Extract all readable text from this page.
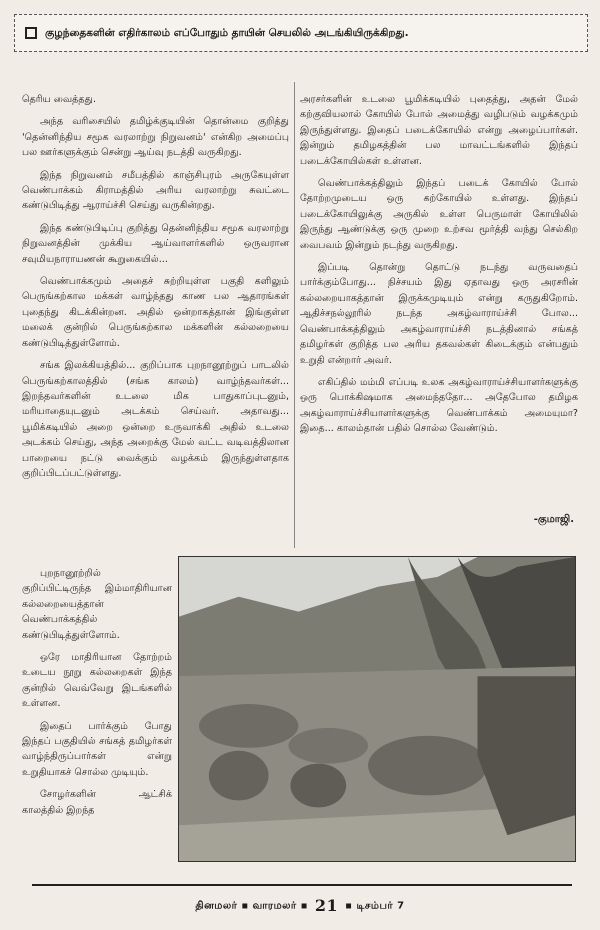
குழந்தைகளின் எதிர்காலம் எப்போதும் தாயின் செயலில் அடங்கியிருக்கிறது.

தெரிய வைத்தது.

அந்த வரிசையில் தமிழ்க்குடியின் தொன்மை குறித்து 'தென்னிந்திய சமூக வரலாற்று நிறுவனம்' என்கிற அமைப்பு பல ஊர்களுக்கும் சென்று ஆய்வு நடத்தி வருகிறது.

இந்த நிறுவனம் சமீபத்தில் காஞ்சிபுரம் அருகேயுள்ள வெண்பாக்கம் கிராமத்தில் அரிய வரலாற்று சுவட்டை கண்டுபிடித்து ஆராய்ச்சி செய்து வருகின்றது.

இந்த கண்டுபிடிப்பு குறித்து தென்னிந்திய சமூக வரலாற்று நிறுவனத்தின் முக்கிய ஆய்வாளர்களில் ஒருவரான சவுமியநாராயணன் கூறுகையில்...

வெண்பாக்கமும் அதைச் சுற்றியுள்ள பகுதி களிலும் பெருங்கற்கால மக்கள் வாழ்ந்தது காண பல ஆதாரங்கள் புதைந்து கிடக்கின்றன. அதில் ஒன்றாகத்தான் இங்குள்ள மலைக் குன்றில் பெருங்கற்கால மக்களின் கல்லறையை கண்டுபிடித்துள்ளோம்.

சங்க இலக்கியத்தில்... குறிப்பாக புறநானூற்றுப் பாடலில் பெருங்கற்காலத்தில் (சங்க காலம்) வாழ்ந்தவர்கள்... இறந்தவர்களின் உடலை மிக பாதுகாப்புடனும், மரியாதையுடனும் அடக்கம் செய்வர். அதாவது... பூமிக்கடியில் அறை ஒன்றை உருவாக்கி அதில் உடலை அடக்கம் செய்து, அந்த அறைக்கு மேல் வட்ட வடிவத்திலான பாறையை நட்டு வைக்கும் வழக்கம் இருந்துள்ளதாக குறிப்பிடப்பட்டுள்ளது.

அரசர்களின் உடலை பூமிக்கடியில் புதைத்து, அதன் மேல் கற்குவியலால் கோயில் போல் அமைத்து வழிபடும் வழக்கமும் இருந்துள்ளது. இதைப் படைக்கோயில் என்று அழைப்பார்கள். இன்றும் தமிழகத்தின் பல மாவட்டங்களில் இந்தப் படைக்கோயில்கள் உள்ளன.

வெண்பாக்கத்திலும் இந்தப் படைக் கோயில் போல் தோற்றமுடைய ஒரு கற்கோயில் உள்ளது. இந்தப் படைக்கோயிலுக்கு அருகில் உள்ள பெருமாள் கோயிலில் இருந்து ஆண்டுக்கு ஒரு முறை உற்சவ மூர்த்தி வந்து செல்கிற வைபவம் இன்றும் நடந்து வருகிறது.

இப்படி தொன்று தொட்டு நடந்து வருவதைப் பார்க்கும்போது... நிச்சயம் இது ஏதாவது ஒரு அரசரின் கல்லறையாகத்தான் இருக்கமுடியும் என்று கருதுகிறோம். ஆதிச்சநல்லூரில் நடந்த அகழ்வாராய்ச்சி போல... வெண்பாக்கத்திலும் அகழ்வாராய்ச்சி நடத்தினால் சங்கத் தமிழர்கள் குறித்த பல அரிய தகவல்கள் கிடைக்கும் என்பதும் உறுதி என்றார் அவர்.

எகிப்தில் மம்மி எப்படி உலக அகழ்வாராய்ச்சியாளர்களுக்கு ஒரு பொக்கிஷமாக அமைந்ததோ... அதேபோல தமிழக அகழ்வாராய்ச்சியாளர்களுக்கு வெண்பாக்கம் அமையுமா? இதை... காலம்தான் பதில் சொல்ல வேண்டும்.

-குமாஜி.

புறநானூற்றில் குறிப்பிட்டிருந்த இம்மாதிரியான கல்லறையைத்தான் வெண்பாக்கத்தில் கண்டுபிடித்துள்ளோம்.

ஒரே மாதிரியான தோற்றம் உடைய நூறு கல்லறைகள் இந்த குன்றில் வெவ்வேறு இடங்களில் உள்ளன.

இதைப் பார்க்கும் போது இந்தப் பகுதியில் சங்கத் தமிழர்கள் வாழ்ந்திருப்பார்கள் என்று உறுதியாகச் சொல்ல முடியும்.

சோழர்களின் ஆட்சிக் காலத்தில் இறந்த

தினமலர் ▪ வாரமலர் ▪ 21 ▪ டிசம்பர் 7
